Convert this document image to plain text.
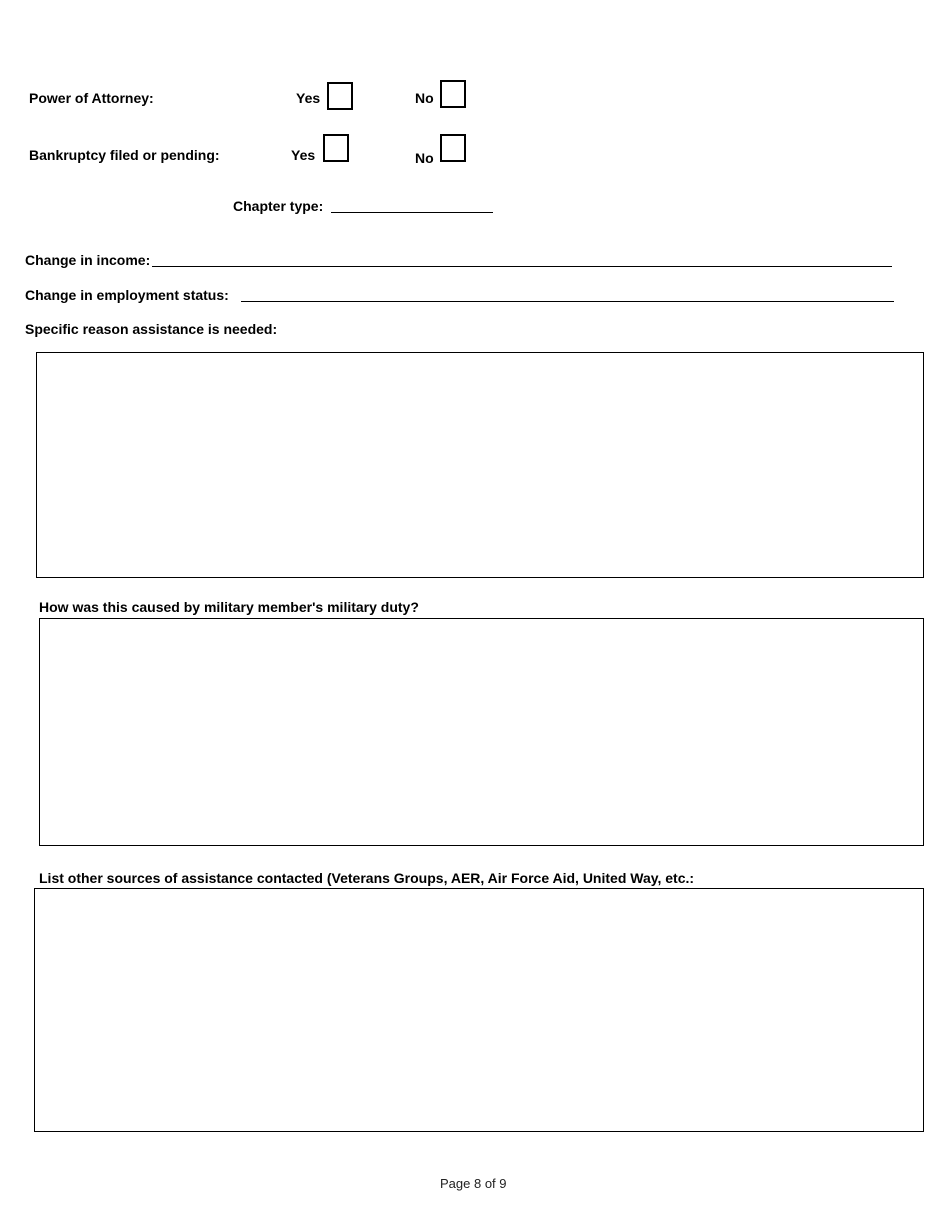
Power of Attorney:	Yes	No
Bankruptcy filed or pending:	Yes	No
Chapter type:
Change in income:
Change in employment status:
Specific reason assistance is needed:
How was this caused by military member's military duty?
List other sources of assistance contacted (Veterans Groups, AER, Air Force Aid, United Way, etc.:
Page 8 of 9
